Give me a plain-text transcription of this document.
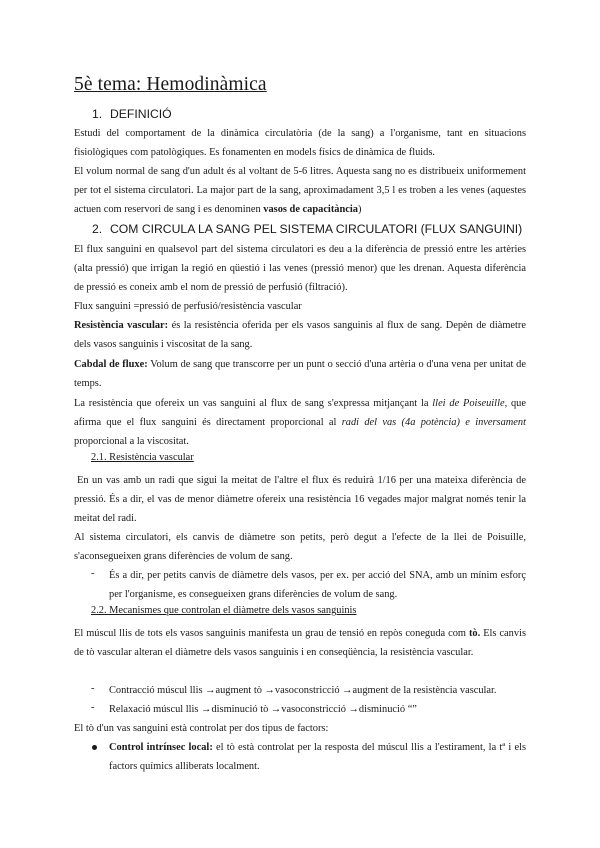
5è tema: Hemodinàmica
1. DEFINICIÓ
Estudi del comportament de la dinàmica circulatòria (de la sang) a l'organisme, tant en situacions fisiològiques com patològiques. Es fonamenten en models físics de dinàmica de fluids.
El volum normal de sang d'un adult és al voltant de 5-6 litres. Aquesta sang no es distribueix uniformement per tot el sistema circulatori. La major part de la sang, aproximadament 3,5 l es troben a les venes (aquestes actuen com reservori de sang i es denominen vasos de capacitància)
2. COM CIRCULA LA SANG PEL SISTEMA CIRCULATORI (FLUX SANGUINI)
El flux sanguini en qualsevol part del sistema circulatori es deu a la diferència de pressió entre les artèries (alta pressió) que irrigan la regió en qüestió i las venes (pressió menor) que les drenan. Aquesta diferència de pressió es coneix amb el nom de pressió de perfusió (filtració).
Flux sanguini =pressió de perfusió/resistència vascular
Resistència vascular: és la resistència oferida per els vasos sanguinis al flux de sang. Depèn de diàmetre dels vasos sanguinis i viscositat de la sang.
Cabdal de fluxe: Volum de sang que transcorre per un punt o secció d'una artèria o d'una vena per unitat de temps.
La resistència que ofereix un vas sanguini al flux de sang s'expressa mitjançant la llei de Poiseuille, que afirma que el flux sanguini és directament proporcional al radi del vas (4a potència) e inversament proporcional a la viscositat.
2.1. Resistència vascular
En un vas amb un radi que sigui la meitat de l'altre el flux és reduirà 1/16 per una mateixa diferència de pressió. És a dir, el vas de menor diàmetre ofereix una resistència 16 vegades major malgrat només tenir la meitat del radi.
Al sistema circulatori, els canvis de diàmetre son petits, però degut a l'efecte de la llei de Poisuille, s'aconsegueixen grans diferències de volum de sang.
- És a dir, per petits canvis de diàmetre dels vasos, per ex. per acció del SNA, amb un mínim esforç per l'organisme, es consegueixen grans diferències de volum de sang.
2.2. Mecanismes que controlan el diàmetre dels vasos sanguinis
El múscul llis de tots els vasos sanguinis manifesta un grau de tensió en repòs coneguda com tò. Els canvis de tò vascular alteran el diàmetre dels vasos sanguinis i en conseqüència, la resistència vascular.
- Contracció múscul llis →augment tò →vasoconstricció →augment de la resistència vascular.
- Relaxació múscul llis →disminució tò →vasoconstricció →disminució “”
El tò d'un vas sanguini està controlat per dos tipus de factors:
Control intrínsec local: el tò està controlat per la resposta del múscul llis a l'estirament, la tª i els factors químics alliberats localment.
